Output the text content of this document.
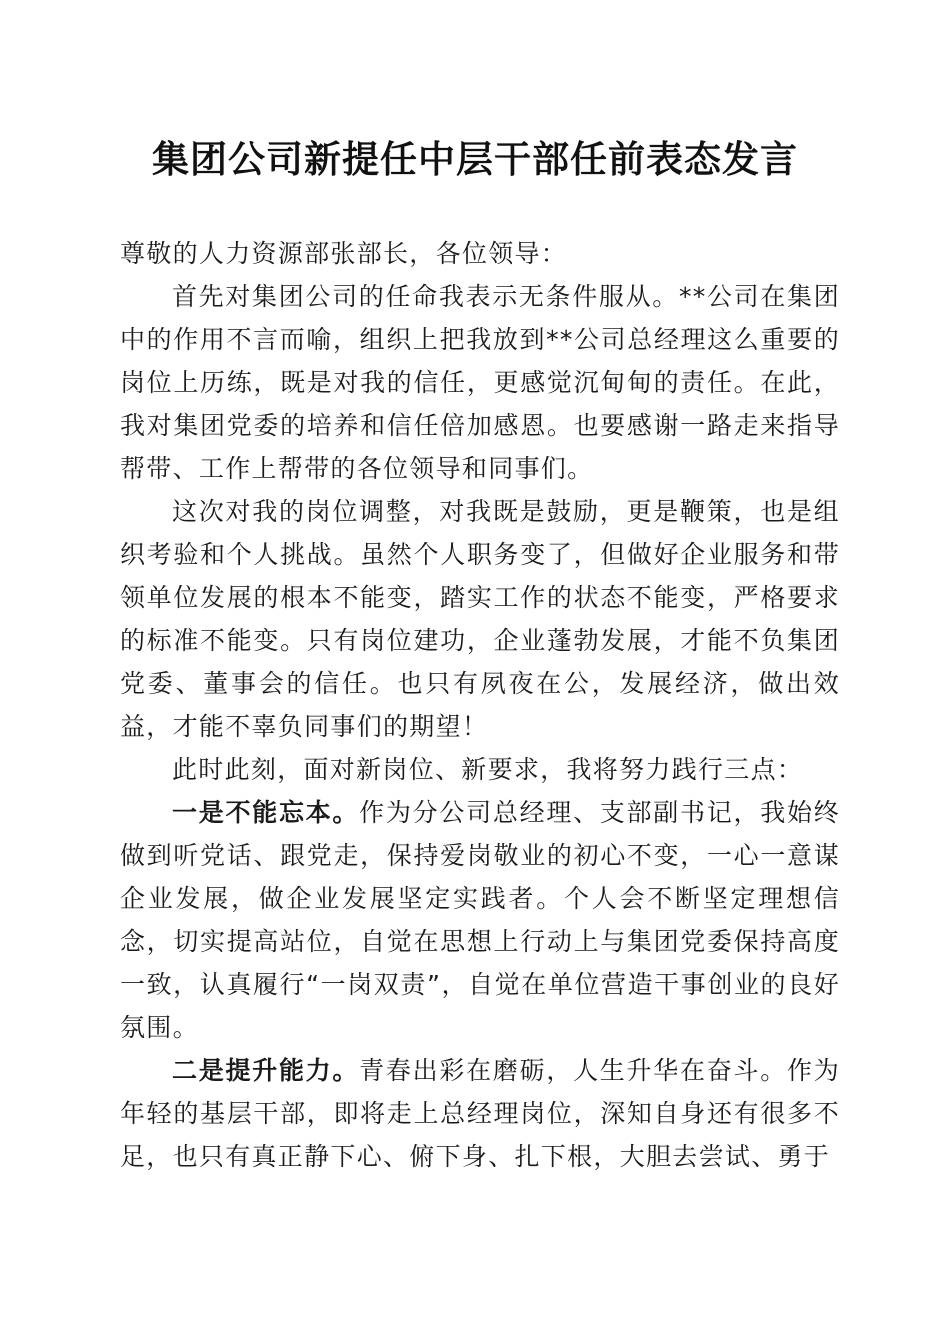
集团公司新提任中层干部任前表态发言

尊敬的人力资源部张部长，各位领导：

首先对集团公司的任命我表示无条件服从。**公司在集团中的作用不言而喻，组织上把我放到**公司总经理这么重要的岗位上历练，既是对我的信任，更感觉沉甸甸的责任。在此，我对集团党委的培养和信任倍加感恩。也要感谢一路走来指导帮带、工作上帮带的各位领导和同事们。

这次对我的岗位调整，对我既是鼓励，更是鞭策，也是组织考验和个人挑战。虽然个人职务变了，但做好企业服务和带领单位发展的根本不能变，踏实工作的状态不能变，严格要求的标准不能变。只有岗位建功，企业蓬勃发展，才能不负集团党委、董事会的信任。也只有夙夜在公，发展经济，做出效益，才能不辜负同事们的期望！

此时此刻，面对新岗位、新要求，我将努力践行三点：

一是不能忘本。作为分公司总经理、支部副书记，我始终做到听党话、跟党走，保持爱岗敬业的初心不变，一心一意谋企业发展，做企业发展坚定实践者。个人会不断坚定理想信念，切实提高站位，自觉在思想上行动上与集团党委保持高度一致，认真履行“一岗双责”，自觉在单位营造干事创业的良好氛围。

二是提升能力。青春出彩在磨砺，人生升华在奋斗。作为年轻的基层干部，即将走上总经理岗位，深知自身还有很多不足，也只有真正静下心、俯下身、扎下根，大胆去尝试、勇于
